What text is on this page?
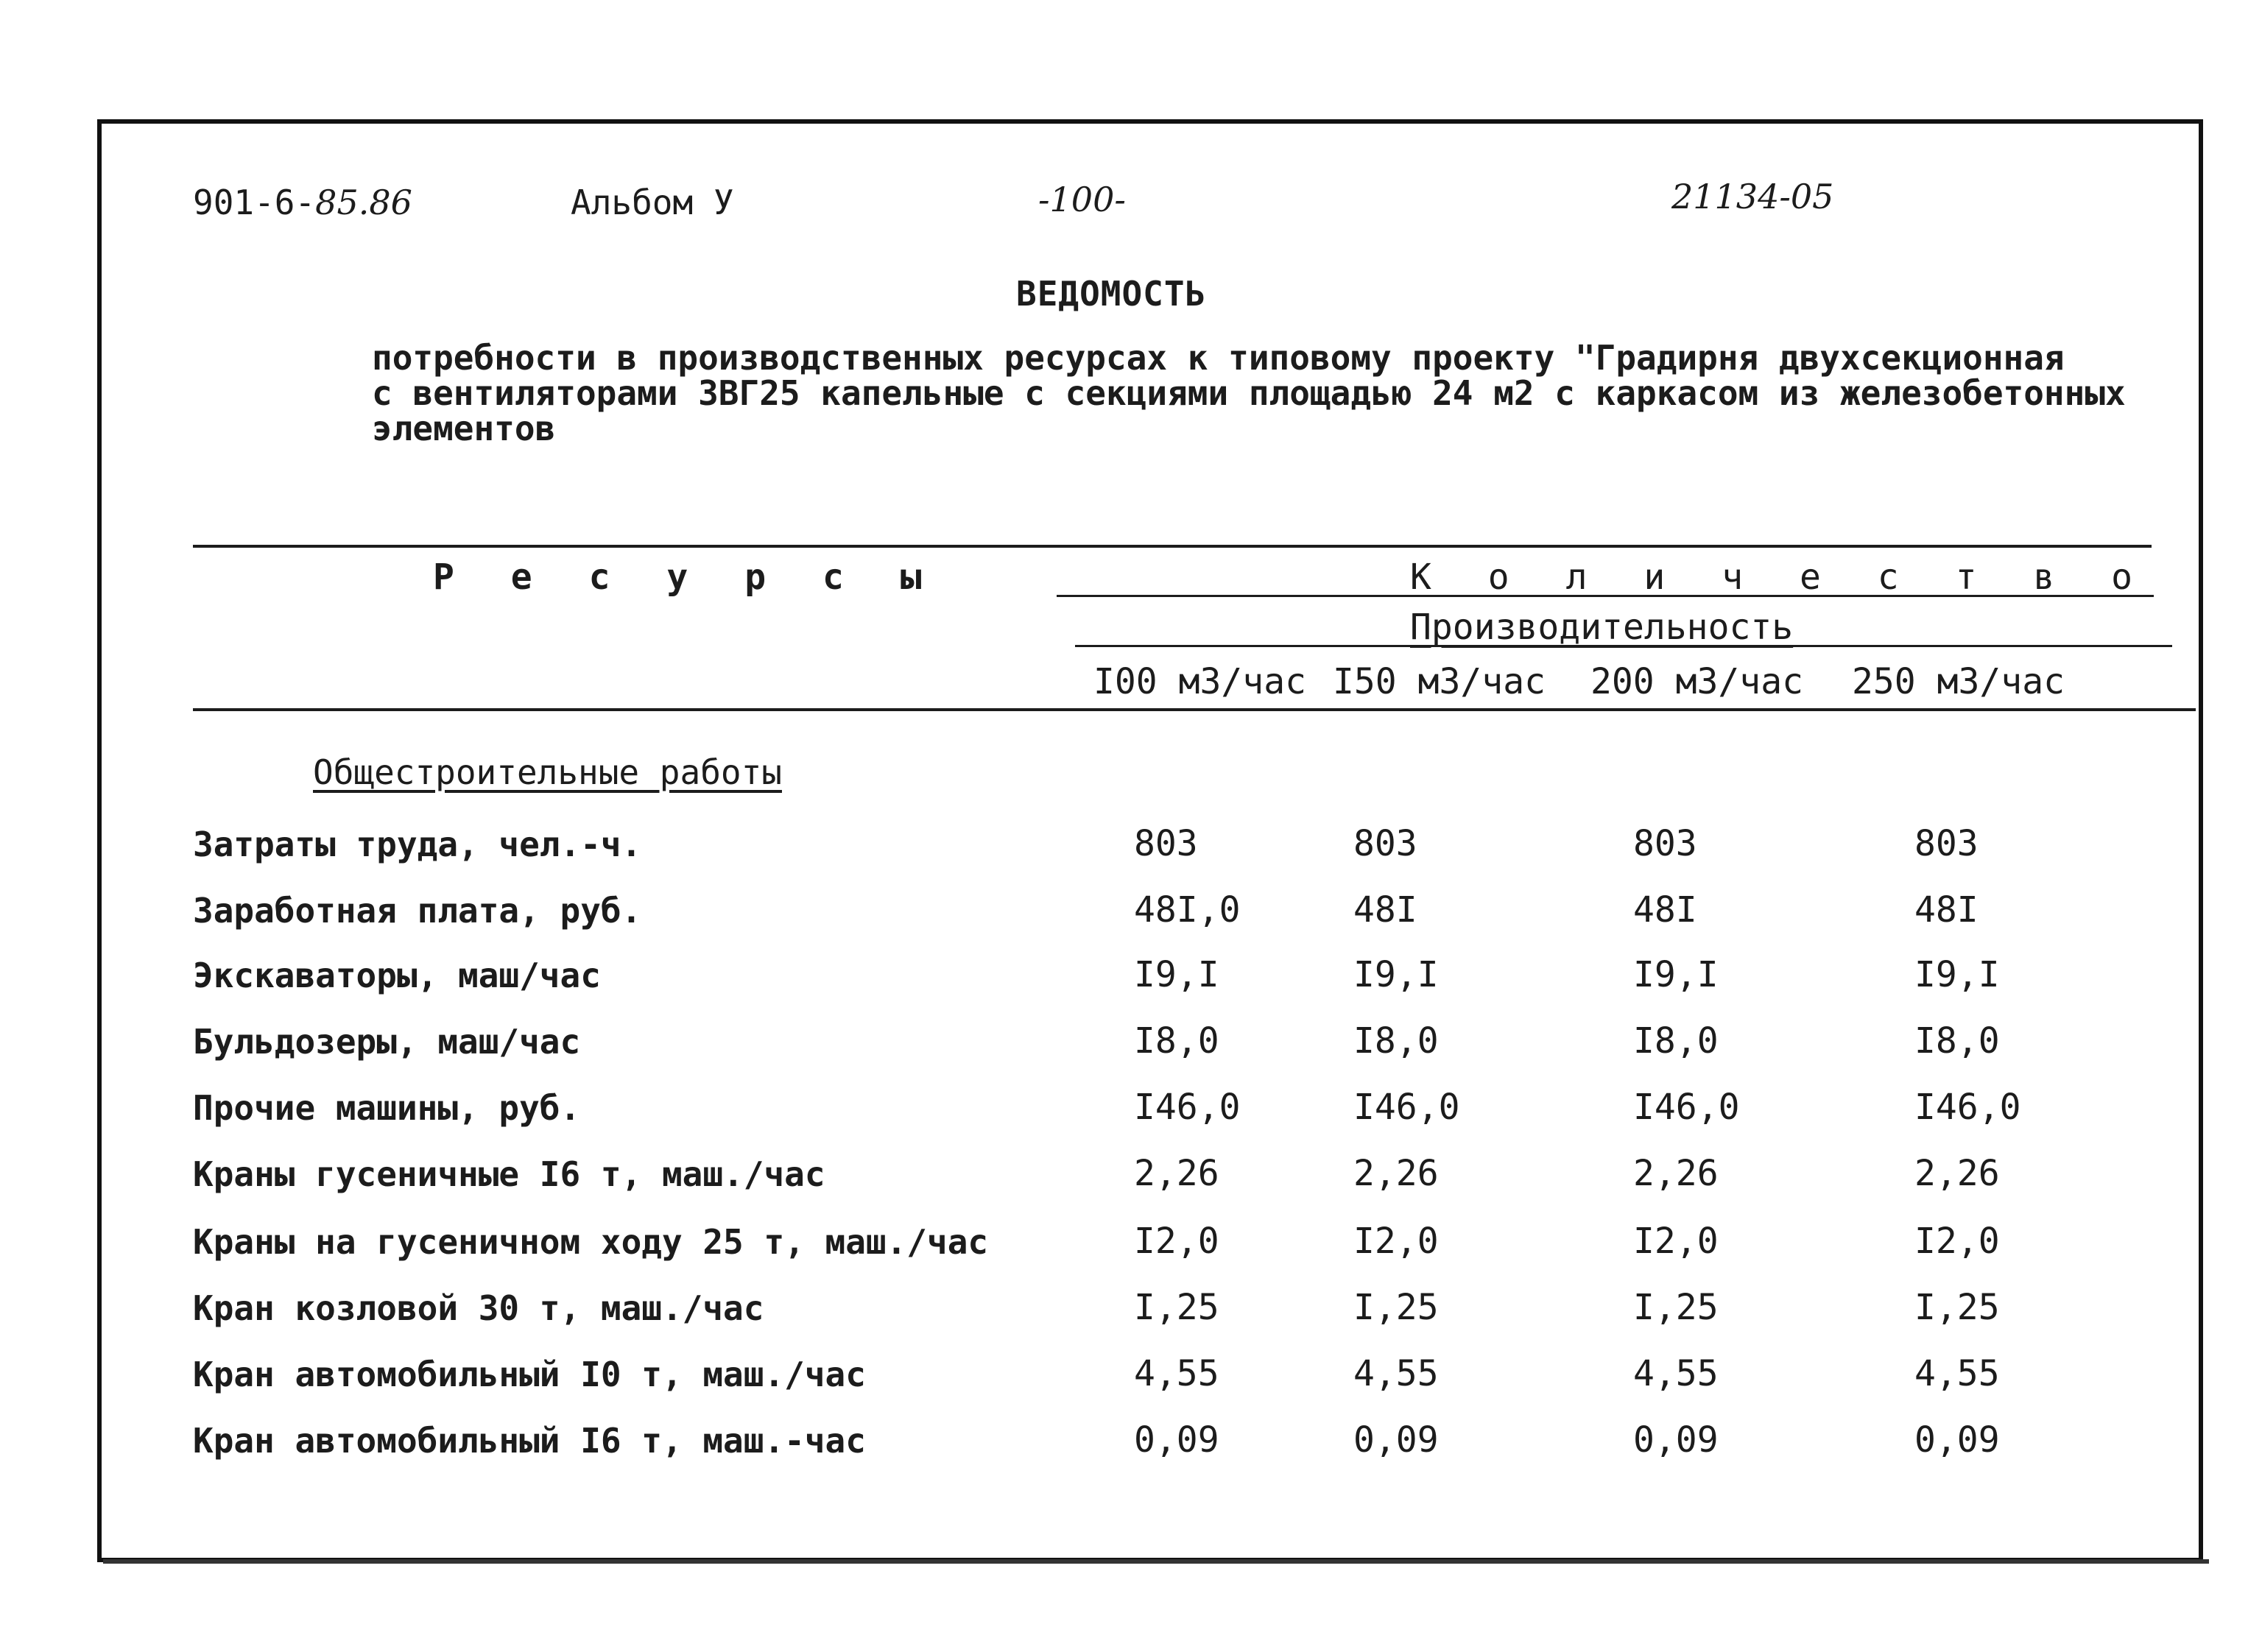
901-6-85.86	Альбом У	-100-	21134-05
ВЕДОМОСТЬ
потребности в производственных ресурсах к типовому проекту "Градирня двухсекционная
с вентиляторами 3ВГ25 капельные с секциями площадью 24 м2 с каркасом из железобетонных
элементов
Р е с у р с ы	К о л и ч е с т в о
Производительность
I00 м3/час I50 м3/час 200 м3/час 250 м3/час
Общестроительные работы
Затраты труда, чел.-ч.	803	803	803	803
Заработная плата, руб.	48I,0	48I	48I	48I
Экскаваторы, маш/час	I9,I	I9,I	I9,I	I9,I
Бульдозеры, маш/час	I8,0	I8,0	I8,0	I8,0
Прочие машины, руб.	I46,0	I46,0	I46,0	I46,0
Краны гусеничные I6 т, маш./час	2,26	2,26	2,26	2,26
Краны на гусеничном ходу 25 т, маш./час	I2,0	I2,0	I2,0	I2,0
Кран козловой 30 т, маш./час	I,25	I,25	I,25	I,25
Кран автомобильный I0 т, маш./час	4,55	4,55	4,55	4,55
Кран автомобильный I6 т, маш.-час	0,09	0,09	0,09	0,09
